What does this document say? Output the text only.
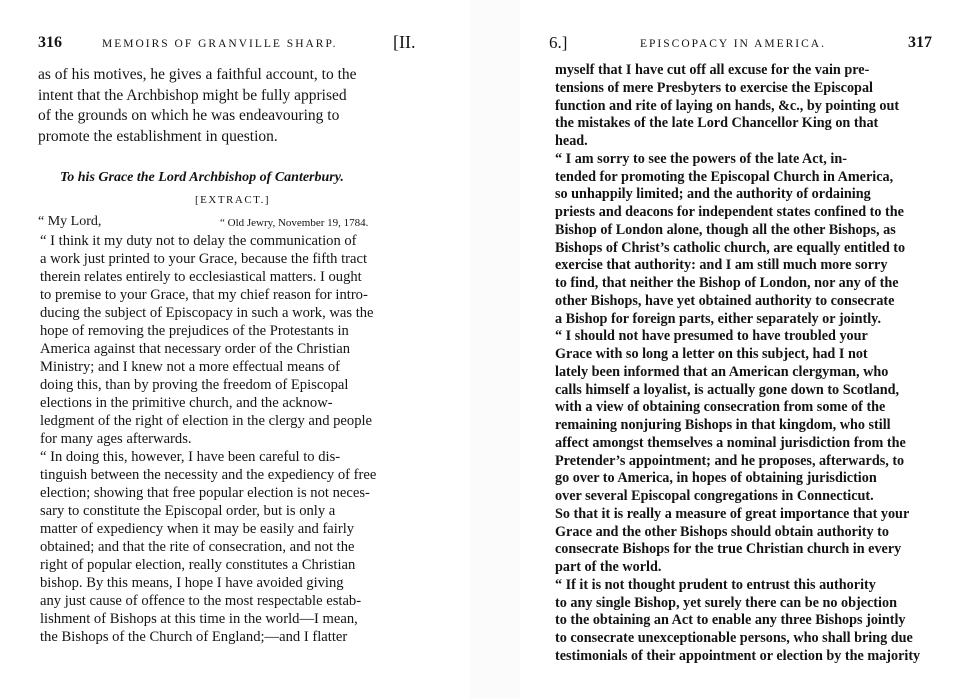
316	MEMOIRS OF GRANVILLE SHARP.	[II.
as of his motives, he gives a faithful account, to the
intent that the Archbishop might be fully apprised
of the grounds on which he was endeavouring to
promote the establishment in question.
To his Grace the Lord Archbishop of Canterbury.
[EXTRACT.]
“ My Lord,	“ Old Jewry, November 19, 1784.
“ I think it my duty not to delay the communication of
a work just printed to your Grace, because the fifth tract
therein relates entirely to ecclesiastical matters. I ought
to premise to your Grace, that my chief reason for intro-
ducing the subject of Episcopacy in such a work, was the
hope of removing the prejudices of the Protestants in
America against that necessary order of the Christian
Ministry; and I knew not a more effectual means of
doing this, than by proving the freedom of Episcopal
elections in the primitive church, and the acknow-
ledgment of the right of election in the clergy and people
for many ages afterwards.
“ In doing this, however, I have been careful to dis-
tinguish between the necessity and the expediency of free
election; showing that free popular election is not neces-
sary to constitute the Episcopal order, but is only a
matter of expediency when it may be easily and fairly
obtained; and that the rite of consecration, and not the
right of popular election, really constitutes a Christian
bishop. By this means, I hope I have avoided giving
any just cause of offence to the most respectable estab-
lishment of Bishops at this time in the world—I mean,
the Bishops of the Church of England;—and I flatter
6.]	EPISCOPACY IN AMERICA.	317
myself that I have cut off all excuse for the vain pre-
tensions of mere Presbyters to exercise the Episcopal
function and rite of laying on hands, &c., by pointing out
the mistakes of the late Lord Chancellor King on that
head.
“ I am sorry to see the powers of the late Act, in-
tended for promoting the Episcopal Church in America,
so unhappily limited; and the authority of ordaining
priests and deacons for independent states confined to the
Bishop of London alone, though all the other Bishops, as
Bishops of Christ’s catholic church, are equally entitled to
exercise that authority: and I am still much more sorry
to find, that neither the Bishop of London, nor any of the
other Bishops, have yet obtained authority to consecrate
a Bishop for foreign parts, either separately or jointly.
“ I should not have presumed to have troubled your
Grace with so long a letter on this subject, had I not
lately been informed that an American clergyman, who
calls himself a loyalist, is actually gone down to Scotland,
with a view of obtaining consecration from some of the
remaining nonjuring Bishops in that kingdom, who still
affect amongst themselves a nominal jurisdiction from the
Pretender’s appointment; and he proposes, afterwards, to
go over to America, in hopes of obtaining jurisdiction
over several Episcopal congregations in Connecticut.
So that it is really a measure of great importance that your
Grace and the other Bishops should obtain authority to
consecrate Bishops for the true Christian church in every
part of the world.
“ If it is not thought prudent to entrust this authority
to any single Bishop, yet surely there can be no objection
to the obtaining an Act to enable any three Bishops jointly
to consecrate unexceptionable persons, who shall bring due
testimonials of their appointment or election by the majority
